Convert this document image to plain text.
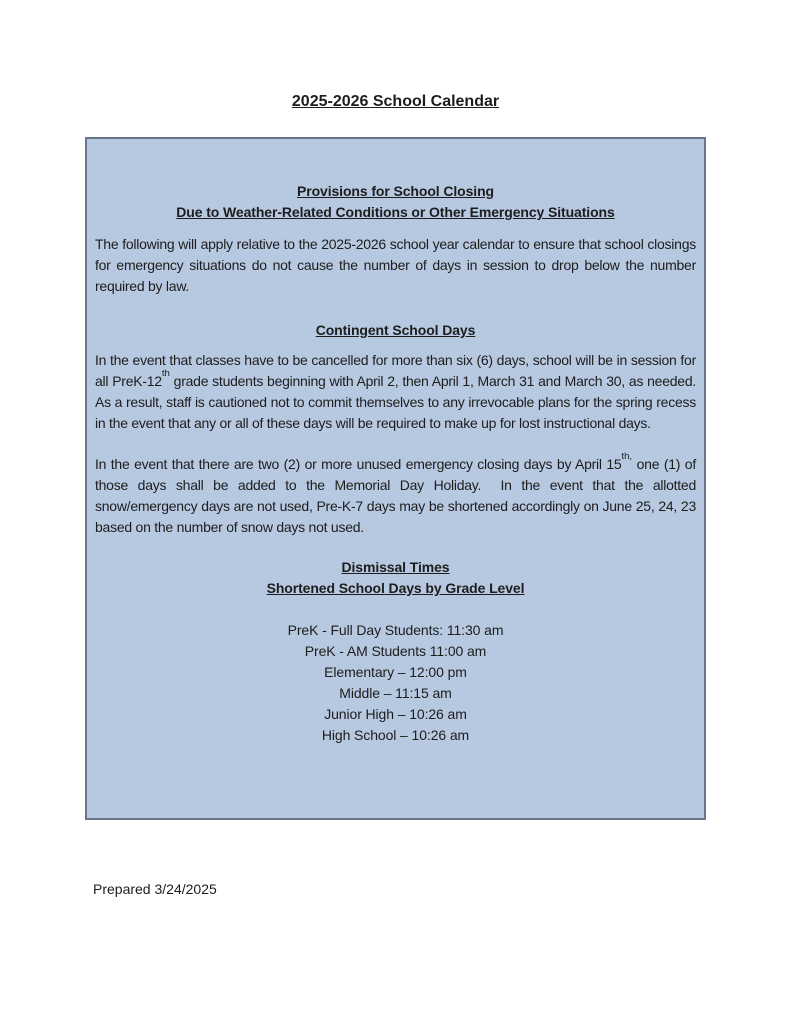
2025-2026 School Calendar
Provisions for School Closing
Due to Weather-Related Conditions or Other Emergency Situations
The following will apply relative to the 2025-2026 school year calendar to ensure that school closings for emergency situations do not cause the number of days in session to drop below the number required by law.
Contingent School Days
In the event that classes have to be cancelled for more than six (6) days, school will be in session for all PreK-12th grade students beginning with April 2, then April 1, March 31 and March 30, as needed.  As a result, staff is cautioned not to commit themselves to any irrevocable plans for the spring recess in the event that any or all of these days will be required to make up for lost instructional days.
In the event that there are two (2) or more unused emergency closing days by April $15^{th,}$ one (1) of those days shall be added to the Memorial Day Holiday.  In the event that the allotted snow/emergency days are not used, Pre-K-7 days may be shortened accordingly on June 25, 24, 23 based on the number of snow days not used.
Dismissal Times
Shortened School Days by Grade Level
PreK - Full Day Students: 11:30 am
PreK - AM Students 11:00 am
Elementary – 12:00 pm
Middle – 11:15 am
Junior High – 10:26 am
High School – 10:26 am
Prepared 3/24/2025
